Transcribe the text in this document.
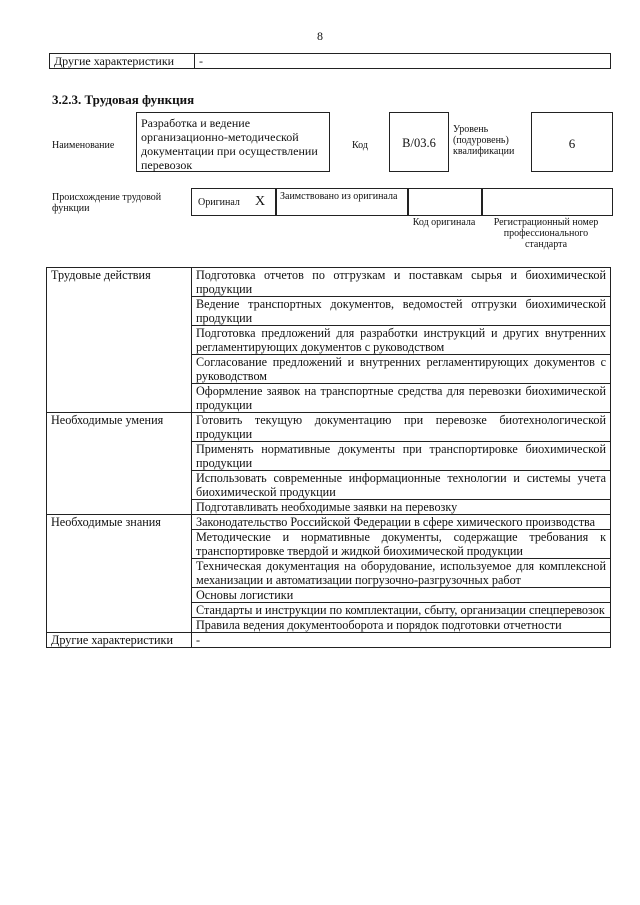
8
Другие характеристики	-
3.2.3. Трудовая функция
Наименование
Разработка и ведение организационно-методической документации при осуществлении перевозок
Код	В/03.6
Уровень (подуровень) квалификации
6
Происхождение трудовой функции
Оригинал X	Заимствовано из оригинала
Код оригинала	Регистрационный номер профессионального стандарта
Трудовые действия	Подготовка отчетов по отгрузкам и поставкам сырья и биохимической продукции
	Ведение транспортных документов, ведомостей отгрузки биохимической продукции
	Подготовка предложений для разработки инструкций и других внутренних регламентирующих документов с руководством
	Согласование предложений и внутренних регламентирующих документов с руководством
	Оформление заявок на транспортные средства для перевозки биохимической продукции
Необходимые умения	Готовить текущую документацию при перевозке биотехнологической продукции
	Применять нормативные документы при транспортировке биохимической продукции
	Использовать современные информационные технологии и системы учета биохимической продукции
	Подготавливать необходимые заявки на перевозку
Необходимые знания	Законодательство Российской Федерации в сфере химического производства
	Методические и нормативные документы, содержащие требования к транспортировке твердой и жидкой биохимической продукции
	Техническая документация на оборудование, используемое для комплексной механизации и автоматизации погрузочно-разгрузочных работ
	Основы логистики
	Стандарты и инструкции по комплектации, сбыту, организации спецперевозок
	Правила ведения документооборота и порядок подготовки отчетности
Другие характеристики	-
